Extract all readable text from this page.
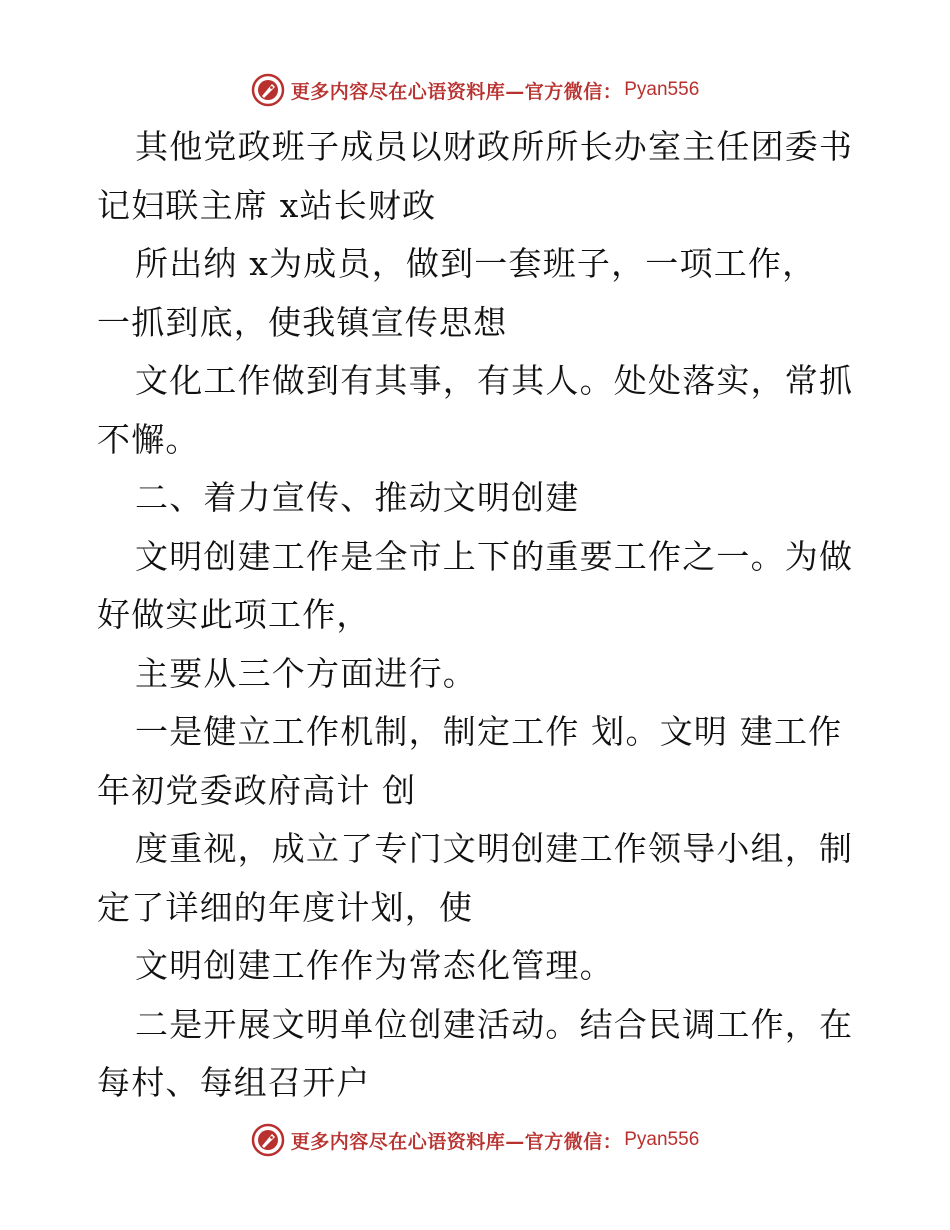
更多内容尽在心语资料库—官方微信： Pyan556
其他党政班子成员以财政所所长办室主任团委书
记妇联主席 x站长财政
所出纳 x为成员，做到一套班子，一项工作，
一抓到底，使我镇宣传思想
文化工作做到有其事，有其人。处处落实，常抓
不懈。
二、着力宣传、推动文明创建
文明创建工作是全市上下的重要工作之一。为做
好做实此项工作，
主要从三个方面进行。
一是健立工作机制，制定工作 划。文明 建工作
年初党委政府高计 创
度重视，成立了专门文明创建工作领导小组，制
定了详细的年度计划，使
文明创建工作作为常态化管理。
二是开展文明单位创建活动。结合民调工作，在
每村、每组召开户
更多内容尽在心语资料库—官方微信： Pyan556
